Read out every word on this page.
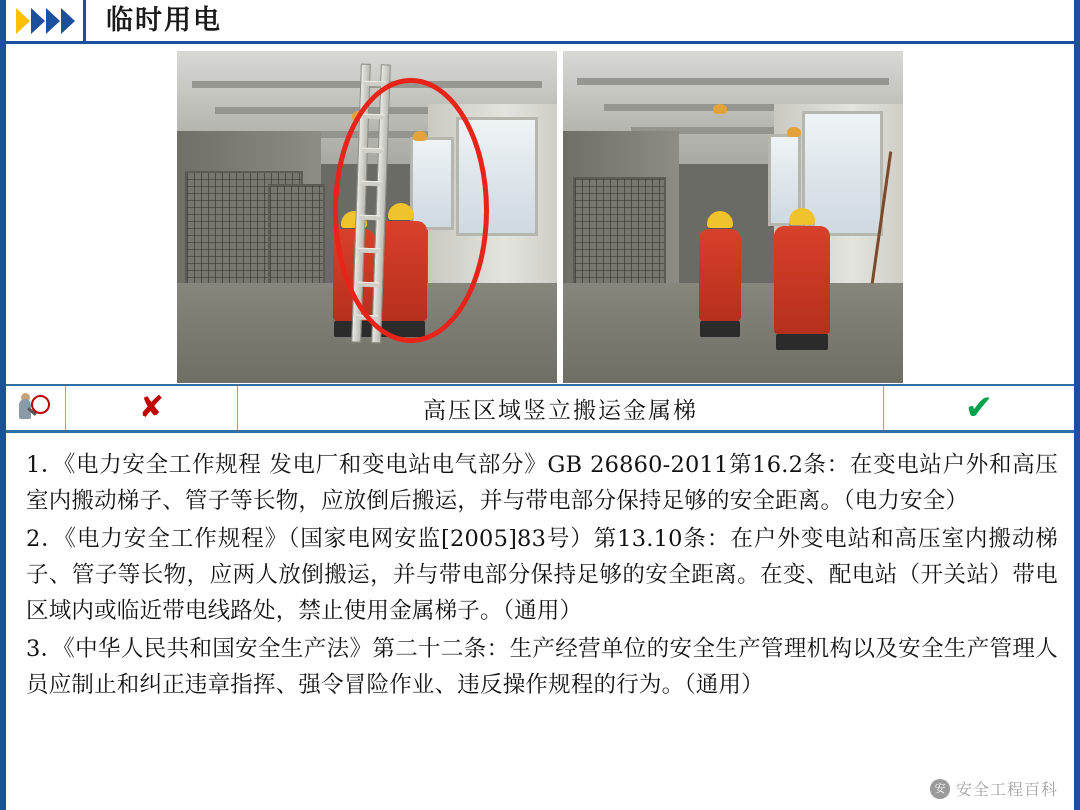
临时用电
✘	高压区域竖立搬运金属梯	✔

1．《电力安全工作规程 发电厂和变电站电气部分》GB 26860-2011第16.2条：在变电站户外和高压室内搬动梯子、管子等长物，应放倒后搬运，并与带电部分保持足够的安全距离。（电力安全）

2．《电力安全工作规程》（国家电网安监[2005]83号）第13.10条：在户外变电站和高压室内搬动梯子、管子等长物，应两人放倒搬运，并与带电部分保持足够的安全距离。在变、配电站（开关站）带电区域内或临近带电线路处，禁止使用金属梯子。（通用）

3．《中华人民共和国安全生产法》第二十二条：生产经营单位的安全生产管理机构以及安全生产管理人员应制止和纠正违章指挥、强令冒险作业、违反操作规程的行为。（通用）

安 安全工程百科
